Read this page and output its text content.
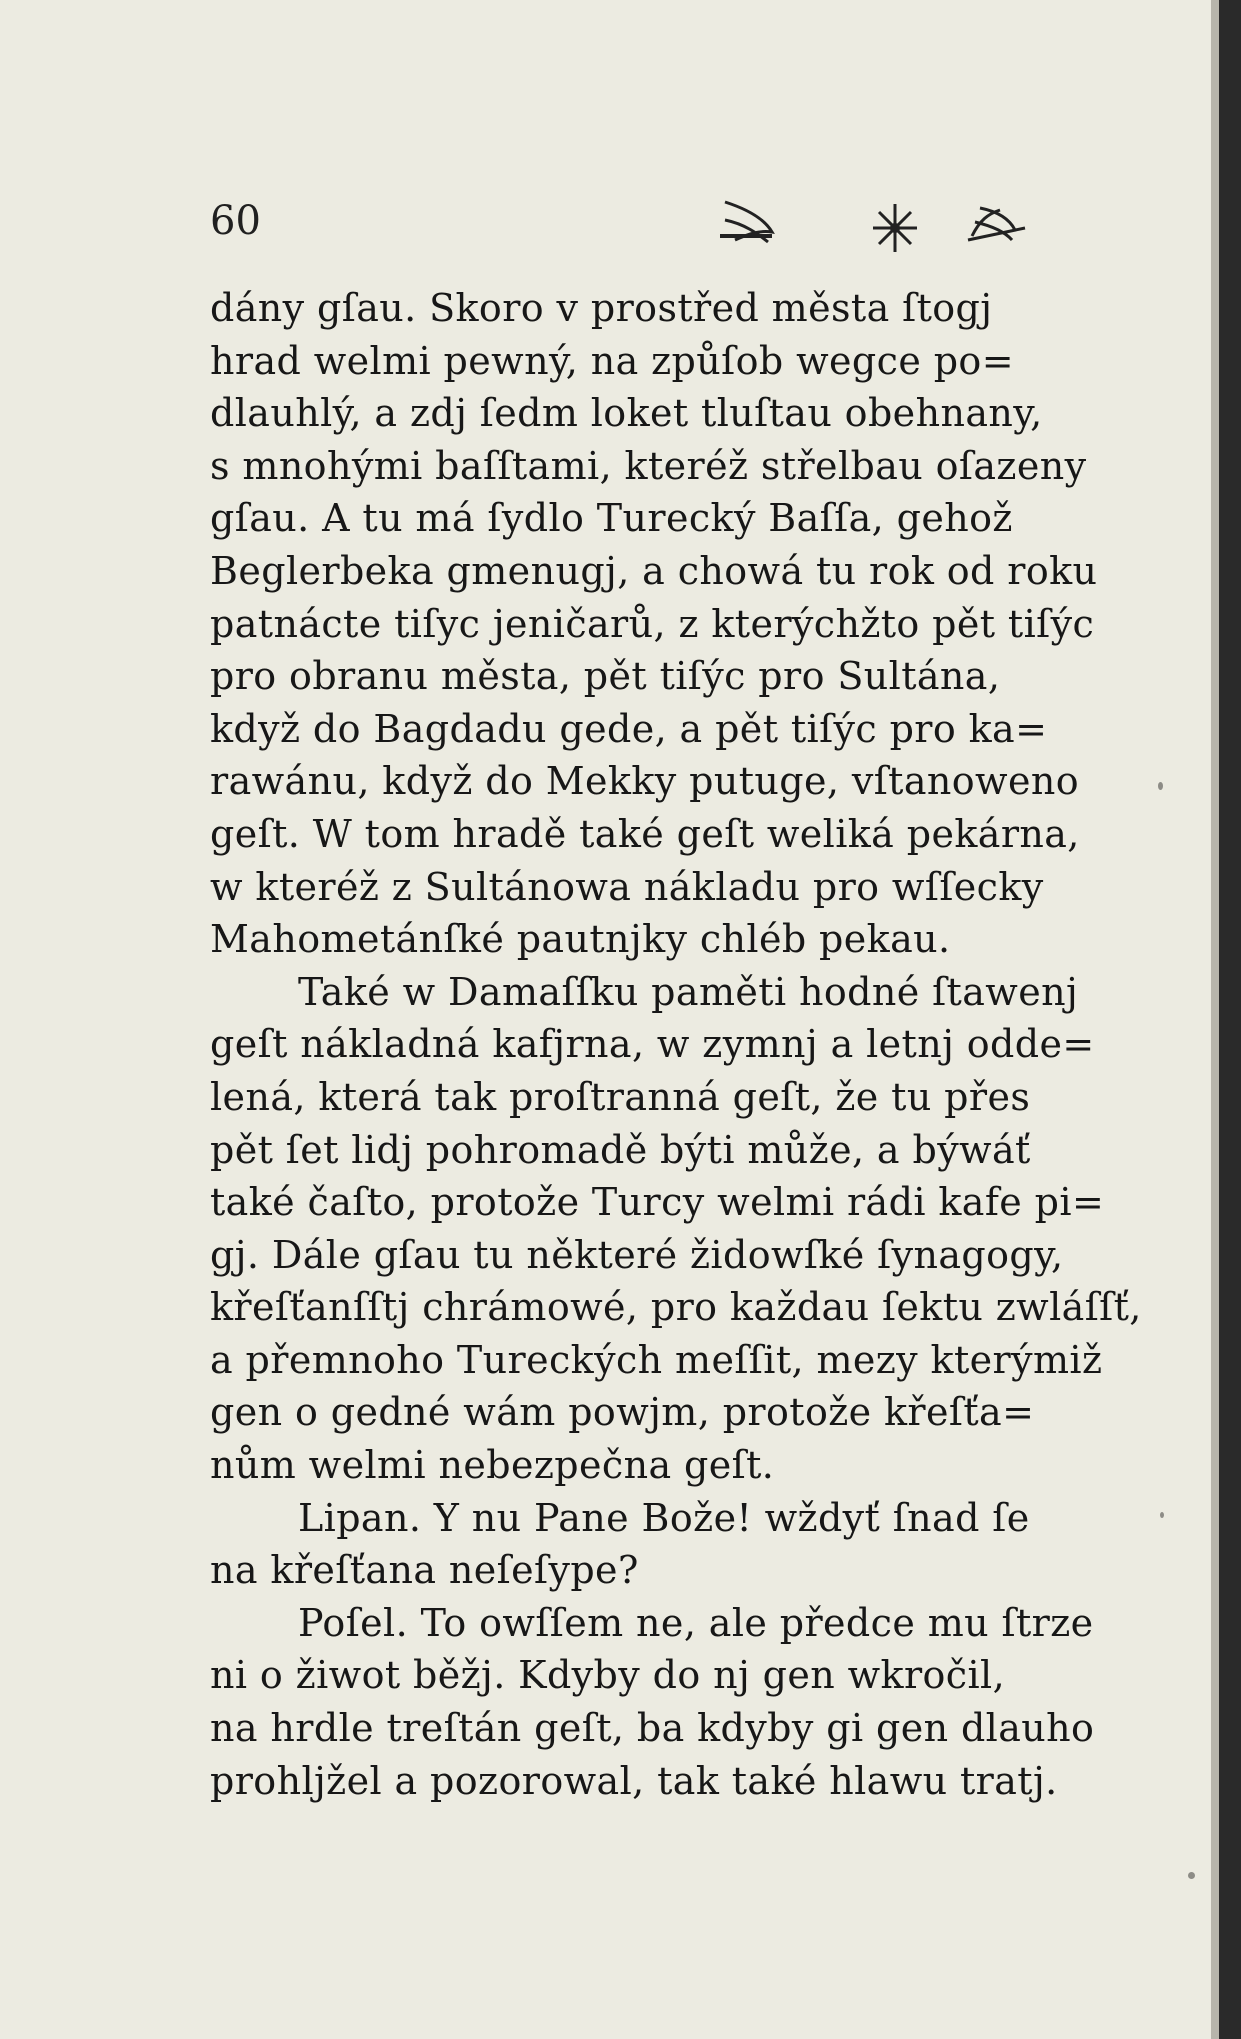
60
dány gſau. Skoro v prostřed města ſtogj
hrad welmi pewný, na způſob wegce po=
dlauhlý, a zdj ſedm loket tluſtau obehnany,
s mnohými baſſtami, kteréž střelbau oſazeny
gſau. A tu má ſydlo Turecký Baſſa, gehož
Beglerbeka gmenugj, a chowá tu rok od roku
patnácte tiſyc jeničarů, z kterýchžto pět tiſýc
pro obranu města, pět tiſýc pro Sultána,
když do Bagdadu gede, a pět tiſýc pro ka=
rawánu, když do Mekky putuge, vſtanoweno
geſt. W tom hradě také geſt weliká pekárna,
w kteréž z Sultánowa nákladu pro wſſecky
Mahometánſké pautnjky chléb pekau.
Také w Damaſſku paměti hodné ſtawenj
geſt nákladná kafjrna, w zymnj a letnj odde=
lená, která tak proſtranná geſt, že tu přes
pět ſet lidj pohromadě býti může, a býwáť
také čaſto, protože Turcy welmi rádi kafe pi=
gj. Dále gſau tu některé židowſké ſynagogy,
křeſťanſſtj chrámowé, pro každau ſektu zwláſſť,
a přemnoho Tureckých meſſit, mezy kterýmiž
gen o gedné wám powjm, protože křeſťa=
nům welmi nebezpečna geſt.
Lipan. Y nu Pane Bože! wždyť ſnad ſe
na křeſťana neſeſype?
Poſel. To owſſem ne, ale předce mu ſtrze
ni o žiwot běžj. Kdyby do nj gen wkročil,
na hrdle treſtán geſt, ba kdyby gi gen dlauho
prohljžel a pozorowal, tak také hlawu tratj.
